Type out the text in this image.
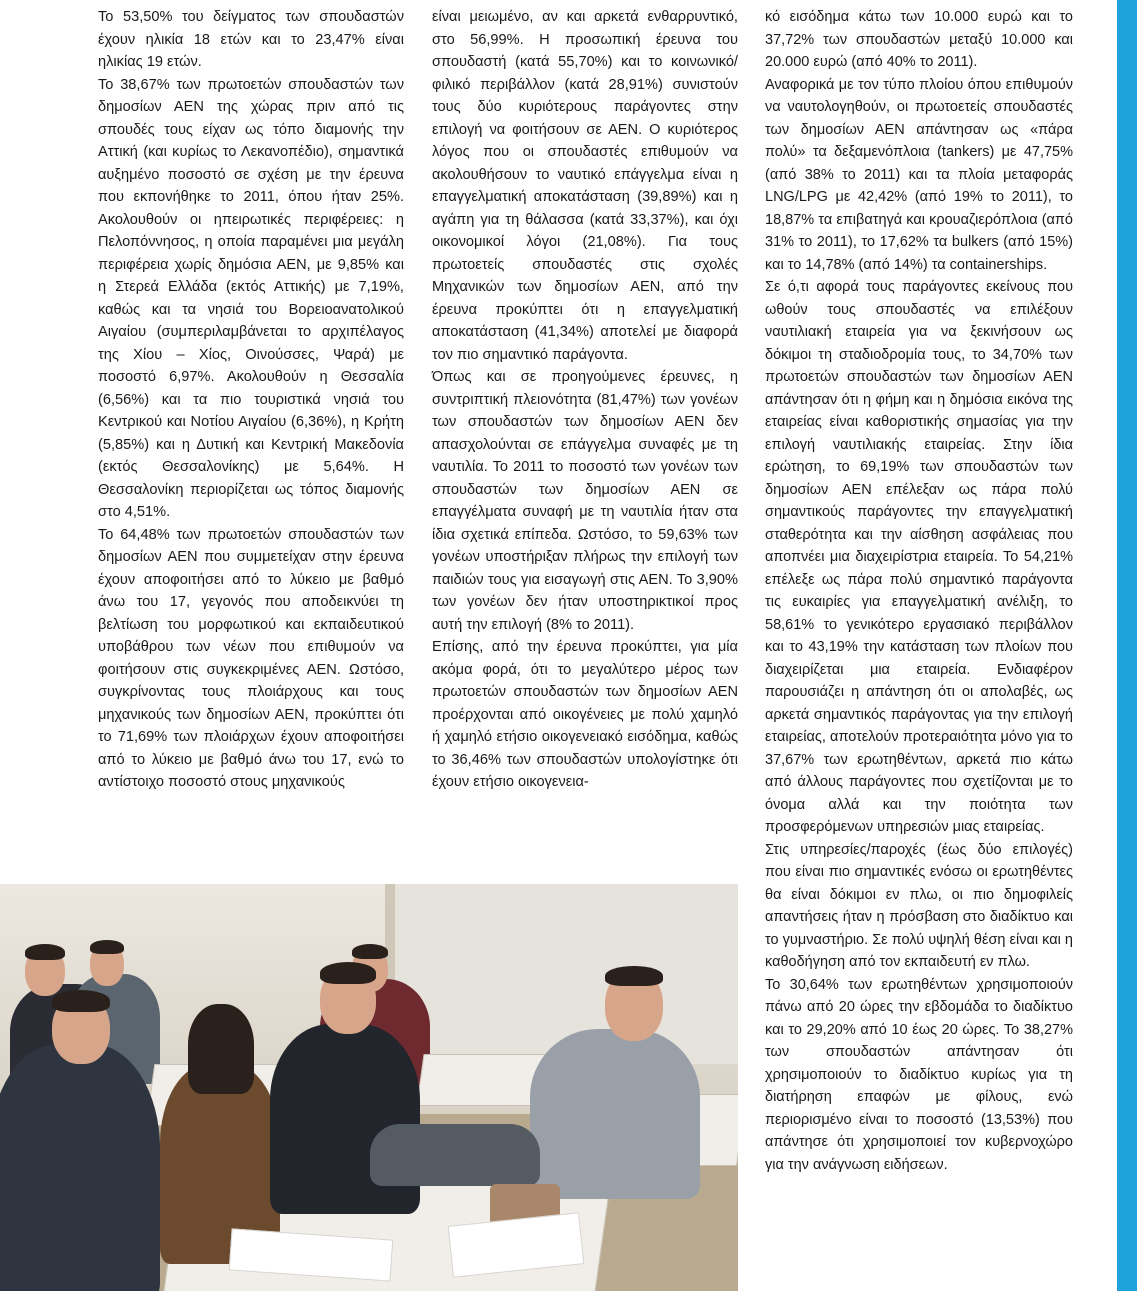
Το 53,50% του δείγματος των σπουδαστών έχουν ηλικία 18 ετών και το 23,47% είναι ηλικίας 19 ετών.

Το 38,67% των πρωτοετών σπουδαστών των δημοσίων ΑΕΝ της χώρας πριν από τις σπουδές τους είχαν ως τόπο διαμονής την Αττική (και κυρίως το Λεκανοπέδιο), σημαντικά αυξημένο ποσοστό σε σχέση με την έρευνα που εκπονήθηκε το 2011, όπου ήταν 25%. Ακολουθούν οι ηπειρωτικές περιφέρειες: η Πελοπόννησος, η οποία παραμένει μια μεγάλη περιφέρεια χωρίς δημόσια ΑΕΝ, με 9,85% και η Στερεά Ελλάδα (εκτός Αττικής) με 7,19%, καθώς και τα νησιά του Βορειοανατολικού Αιγαίου (συμπεριλαμβάνεται το αρχιπέλαγος της Χίου – Χίος, Οινούσσες, Ψαρά) με ποσοστό 6,97%. Ακολουθούν η Θεσσαλία (6,56%) και τα πιο τουριστικά νησιά του Κεντρικού και Νοτίου Αιγαίου (6,36%), η Κρήτη (5,85%) και η Δυτική και Κεντρική Μακεδονία (εκτός Θεσσαλονίκης) με 5,64%. Η Θεσσαλονίκη περιορίζεται ως τόπος διαμονής στο 4,51%.

Το 64,48% των πρωτοετών σπουδαστών των δημοσίων ΑΕΝ που συμμετείχαν στην έρευνα έχουν αποφοιτήσει από το λύκειο με βαθμό άνω του 17, γεγονός που αποδεικνύει τη βελτίωση του μορφωτικού και εκπαιδευτικού υποβάθρου των νέων που επιθυμούν να φοιτήσουν στις συγκεκριμένες ΑΕΝ. Ωστόσο, συγκρίνοντας τους πλοιάρχους και τους μηχανικούς των δημοσίων ΑΕΝ, προκύπτει ότι το 71,69% των πλοιάρχων έχουν αποφοιτήσει από το λύκειο με βαθμό άνω του 17, ενώ το αντίστοιχο ποσοστό στους μηχανικούς

είναι μειωμένο, αν και αρκετά ενθαρρυντικό, στο 56,99%. Η προσωπική έρευνα του σπουδαστή (κατά 55,70%) και το κοινωνικό/φιλικό περιβάλλον (κατά 28,91%) συνιστούν τους δύο κυριότερους παράγοντες στην επιλογή να φοιτήσουν σε ΑΕΝ. Ο κυριότερος λόγος που οι σπουδαστές επιθυμούν να ακολουθήσουν το ναυτικό επάγγελμα είναι η επαγγελματική αποκατάσταση (39,89%) και η αγάπη για τη θάλασσα (κατά 33,37%), και όχι οικονομικοί λόγοι (21,08%). Για τους πρωτοετείς σπουδαστές στις σχολές Μηχανικών των δημοσίων ΑΕΝ, από την έρευνα προκύπτει ότι η επαγγελματική αποκατάσταση (41,34%) αποτελεί με διαφορά τον πιο σημαντικό παράγοντα.

Όπως και σε προηγούμενες έρευνες, η συντριπτική πλειονότητα (81,47%) των γονέων των σπουδαστών των δημοσίων ΑΕΝ δεν απασχολούνται σε επάγγελμα συναφές με τη ναυτιλία. Το 2011 το ποσοστό των γονέων των σπουδαστών των δημοσίων ΑΕΝ σε επαγγέλματα συναφή με τη ναυτιλία ήταν στα ίδια σχετικά επίπεδα. Ωστόσο, το 59,63% των γονέων υποστήριξαν πλήρως την επιλογή των παιδιών τους για εισαγωγή στις ΑΕΝ. Το 3,90% των γονέων δεν ήταν υποστηρικτικοί προς αυτή την επιλογή (8% το 2011).

Επίσης, από την έρευνα προκύπτει, για μία ακόμα φορά, ότι το μεγαλύτερο μέρος των πρωτοετών σπουδαστών των δημοσίων ΑΕΝ προέρχονται από οικογένειες με πολύ χαμηλό ή χαμηλό ετήσιο οικογενειακό εισόδημα, καθώς το 36,46% των σπουδαστών υπολογίστηκε ότι έχουν ετήσιο οικογενεια-

κό εισόδημα κάτω των 10.000 ευρώ και το 37,72% των σπουδαστών μεταξύ 10.000 και 20.000 ευρώ (από 40% το 2011).

Αναφορικά με τον τύπο πλοίου όπου επιθυμούν να ναυτολογηθούν, οι πρωτοετείς σπουδαστές των δημοσίων ΑΕΝ απάντησαν ως «πάρα πολύ» τα δεξαμενόπλοια (tankers) με 47,75% (από 38% το 2011) και τα πλοία μεταφοράς LNG/LPG με 42,42% (από 19% το 2011), το 18,87% τα επιβατηγά και κρουαζιερόπλοια (από 31% το 2011), το 17,62% τα bulkers (από 15%) και το 14,78% (από 14%) τα containerships.

Σε ό,τι αφορά τους παράγοντες εκείνους που ωθούν τους σπουδαστές να επιλέξουν ναυτιλιακή εταιρεία για να ξεκινήσουν ως δόκιμοι τη σταδιοδρομία τους, το 34,70% των πρωτοετών σπουδαστών των δημοσίων ΑΕΝ απάντησαν ότι η φήμη και η δημόσια εικόνα της εταιρείας είναι καθοριστικής σημασίας για την επιλογή ναυτιλιακής εταιρείας. Στην ίδια ερώτηση, το 69,19% των σπουδαστών των δημοσίων ΑΕΝ επέλεξαν ως πάρα πολύ σημαντικούς παράγοντες την επαγγελματική σταθερότητα και την αίσθηση ασφάλειας που αποπνέει μια διαχειρίστρια εταιρεία. Το 54,21% επέλεξε ως πάρα πολύ σημαντικό παράγοντα τις ευκαιρίες για επαγγελματική ανέλιξη, το 58,61% το γενικότερο εργασιακό περιβάλλον και το 43,19% την κατάσταση των πλοίων που διαχειρίζεται μια εταιρεία. Ενδιαφέρον παρουσιάζει η απάντηση ότι οι απολαβές, ως αρκετά σημαντικός παράγοντας για την επιλογή εταιρείας, αποτελούν προτεραιότητα μόνο για το 37,67% των ερωτηθέντων, αρκετά πιο κάτω από άλλους παράγοντες που σχετίζονται με το όνομα αλλά και την ποιότητα των προσφερόμενων υπηρεσιών μιας εταιρείας.

Στις υπηρεσίες/παροχές (έως δύο επιλογές) που είναι πιο σημαντικές ενόσω οι ερωτηθέντες θα είναι δόκιμοι εν πλω, οι πιο δημοφιλείς απαντήσεις ήταν η πρόσβαση στο διαδίκτυο και το γυμναστήριο. Σε πολύ υψηλή θέση είναι και η καθοδήγηση από τον εκπαιδευτή εν πλω.

Το 30,64% των ερωτηθέντων χρησιμοποιούν πάνω από 20 ώρες την εβδομάδα το διαδίκτυο και το 29,20% από 10 έως 20 ώρες. Το 38,27% των σπουδαστών απάντησαν ότι χρησιμοποιούν το διαδίκτυο κυρίως για τη διατήρηση επαφών με φίλους, ενώ περιορισμένο είναι το ποσοστό (13,53%) που απάντησε ότι χρησιμοποιεί τον κυβερνοχώρο για την ανάγνωση ειδήσεων.
